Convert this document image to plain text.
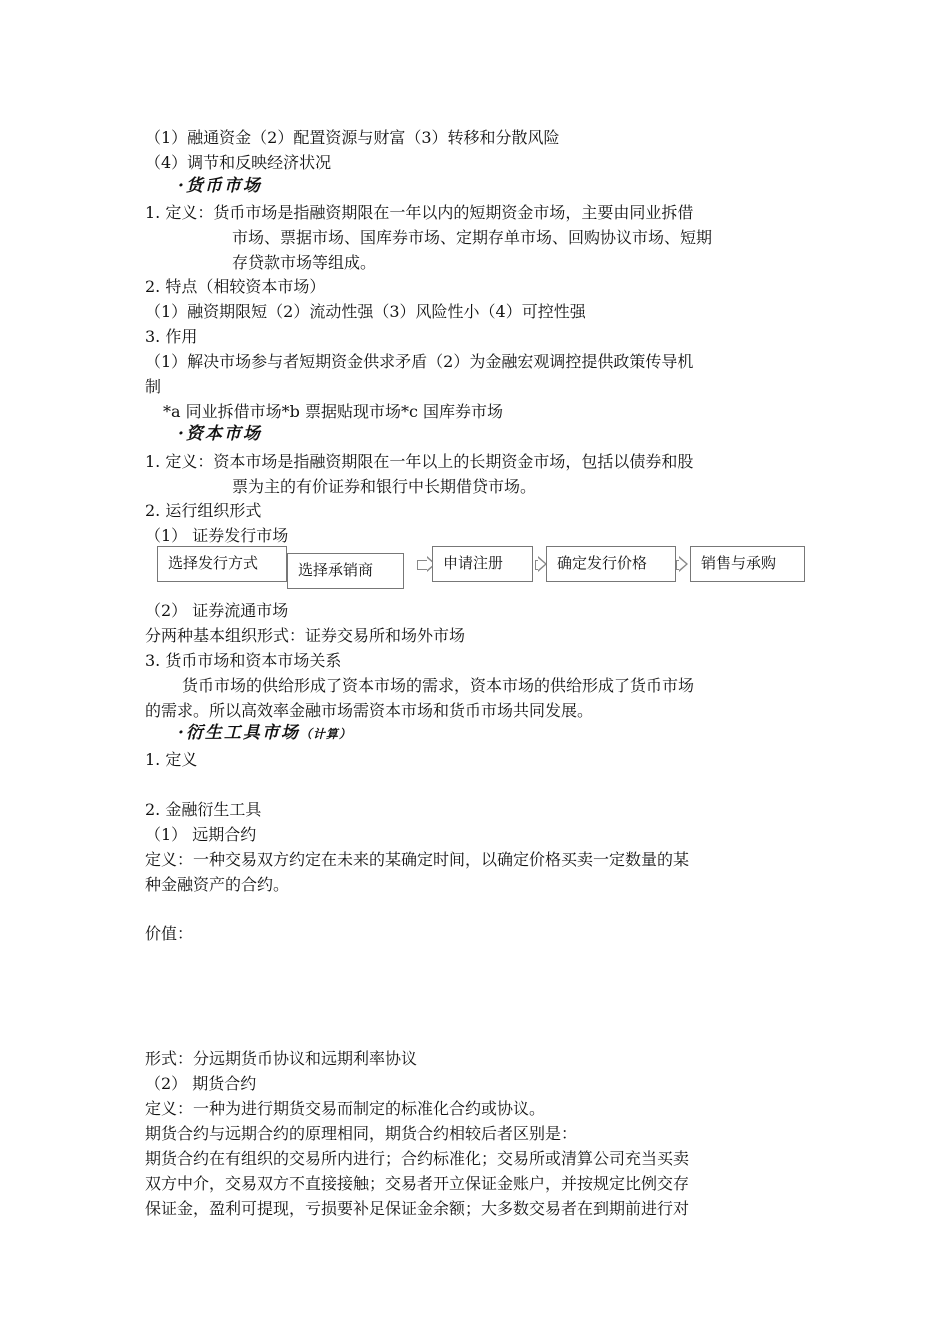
（1）融通资金（2）配置资源与财富（3）转移和分散风险
（4）调节和反映经济状况
·货币市场
1. 定义：货币市场是指融资期限在一年以内的短期资金市场，主要由同业拆借
市场、票据市场、国库券市场、定期存单市场、回购协议市场、短期
存贷款市场等组成。
2. 特点（相较资本市场）
（1）融资期限短（2）流动性强（3）风险性小（4）可控性强
3. 作用
（1）解决市场参与者短期资金供求矛盾（2）为金融宏观调控提供政策传导机
制
*a 同业拆借市场*b 票据贴现市场*c 国库券市场
·资本市场
1. 定义：资本市场是指融资期限在一年以上的长期资金市场，包括以债券和股
票为主的有价证券和银行中长期借贷市场。
2. 运行组织形式
（1） 证券发行市场
选择发行方式	选择承销商	申请注册	确定发行价格	销售与承购
（2） 证券流通市场
分两种基本组织形式：证券交易所和场外市场
3. 货币市场和资本市场关系
货币市场的供给形成了资本市场的需求，资本市场的供给形成了货币市场
的需求。所以高效率金融市场需资本市场和货币市场共同发展。
·衍生工具市场（计算）
1. 定义
2. 金融衍生工具
（1） 远期合约
定义：一种交易双方约定在未来的某确定时间，以确定价格买卖一定数量的某
种金融资产的合约。
价值：
形式：分远期货币协议和远期利率协议
（2） 期货合约
定义：一种为进行期货交易而制定的标准化合约或协议。
期货合约与远期合约的原理相同，期货合约相较后者区别是：
期货合约在有组织的交易所内进行；合约标准化；交易所或清算公司充当买卖
双方中介，交易双方不直接接触；交易者开立保证金账户，并按规定比例交存
保证金，盈利可提现，亏损要补足保证金余额；大多数交易者在到期前进行对
